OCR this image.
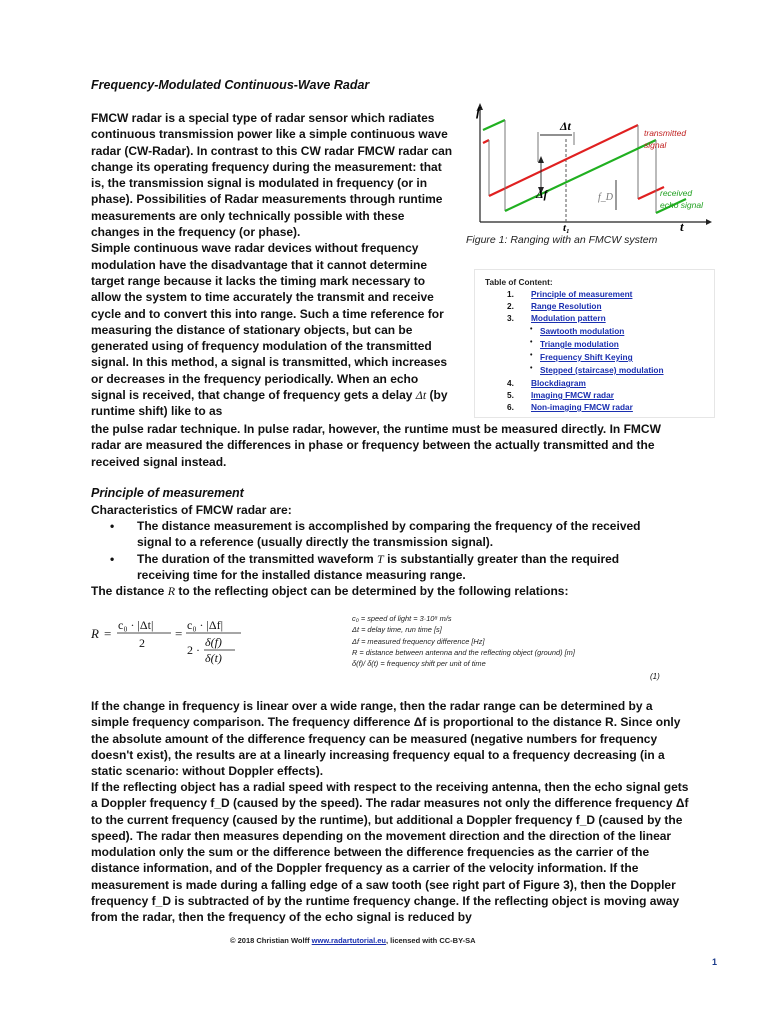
Frequency-Modulated Continuous-Wave Radar
FMCW radar is a special type of radar sensor which radiates continuous transmission power like a simple continuous wave radar (CW-Radar). In contrast to this CW radar FMCW radar can change its operating frequency during the measurement: that is, the transmission signal is modulated in frequency (or in phase). Possibilities of Radar measurements through runtime measurements are only technically possible with these changes in the frequency (or phase).
Simple continuous wave radar devices without frequency modulation have the disadvantage that it cannot determine target range because it lacks the timing mark necessary to allow the system to time accurately the transmit and receive cycle and to convert this into range. Such a time reference for measuring the distance of stationary objects, but can be generated using of frequency modulation of the transmitted signal. In this method, a signal is transmitted, which increases or decreases in the frequency periodically. When an echo signal is received, that change of frequency gets a delay Δt (by runtime shift) like to as
the pulse radar technique. In pulse radar, however, the runtime must be measured directly. In FMCW radar are measured the differences in phase or frequency between the actually transmitted and the received signal instead.
f
t
t₁
Δt
Δf	f_D
transmitted
signal
received
echo signal
Figure 1: Ranging with an FMCW system
Table of Content:
1. Principle of measurement
2. Range Resolution
3. Modulation pattern
• Sawtooth modulation
• Triangle modulation
• Frequency Shift Keying
• Stepped (staircase) modulation
4. Blockdiagram
5. Imaging FMCW radar
6. Non-imaging FMCW radar
Principle of measurement
Characteristics of FMCW radar are:
• The distance measurement is accomplished by comparing the frequency of the received signal to a reference (usually directly the transmission signal).
• The duration of the transmitted waveform T is substantially greater than the required receiving time for the installed distance measuring range.
The distance R to the reflecting object can be determined by the following relations:
R =
c₀ · |Δt|
2
=
c₀ · |Δf|
2 ·
δ(f)
δ(t)
c₀ = speed of light = 3·10⁸ m/s
Δt = delay time, run time [s]
Δf = measured frequency difference [Hz]
R = distance between antenna and the reflecting object (ground) [m]
δ(f)/ δ(t) = frequency shift per unit of time
(1)
If the change in frequency is linear over a wide range, then the radar range can be determined by a simple frequency comparison. The frequency difference Δf is proportional to the distance R. Since only the absolute amount of the difference frequency can be measured (negative numbers for frequency doesn't exist), the results are at a linearly increasing frequency equal to a frequency decreasing (in a static scenario: without Doppler effects).
If the reflecting object has a radial speed with respect to the receiving antenna, then the echo signal gets a Doppler frequency f_D (caused by the speed). The radar measures not only the difference frequency Δf to the current frequency (caused by the runtime), but additional a Doppler frequency f_D (caused by the speed). The radar then measures depending on the movement direction and the direction of the linear modulation only the sum or the difference between the difference frequencies as the carrier of the distance information, and of the Doppler frequency as a carrier of the velocity information. If the measurement is made during a falling edge of a saw tooth (see right part of Figure 3), then the Doppler frequency f_D is subtracted of by the runtime frequency change. If the reflecting object is moving away from the radar, then the frequency of the echo signal is reduced by
© 2018 Christian Wolff www.radartutorial.eu, licensed with CC-BY-SA
1
